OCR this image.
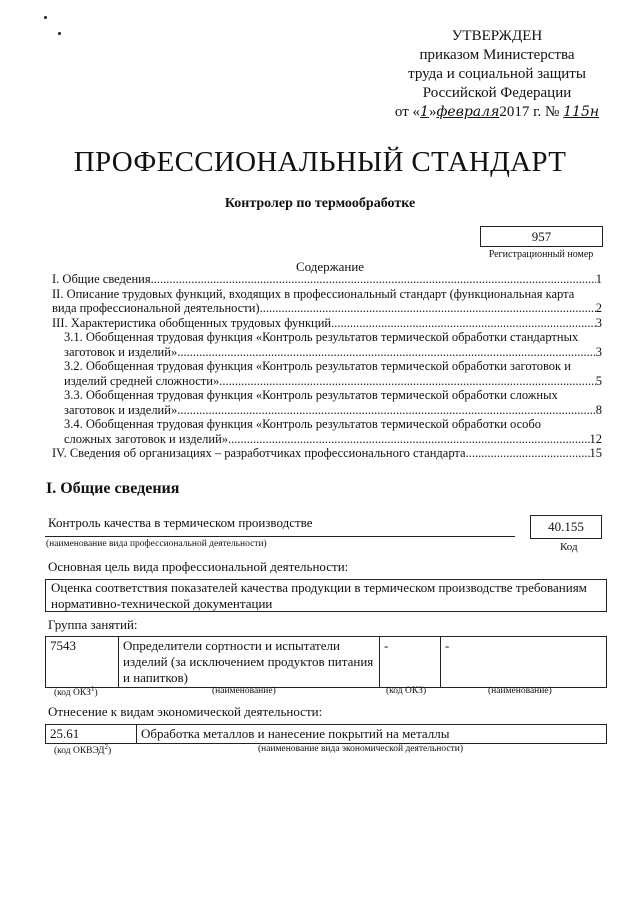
УТВЕРЖДЕН
приказом Министерства
труда и социальной защиты
Российской Федерации
от «1»февраля2017 г. № 115н
ПРОФЕССИОНАЛЬНЫЙ СТАНДАРТ
Контролер по термообработке
957
Регистрационный номер
Содержание
I. Общие сведения .....	1
II. Описание трудовых функций, входящих в профессиональный стандарт (функциональная карта
вида профессиональной деятельности) .....	2
III. Характеристика обобщенных трудовых функций .....	3
3.1. Обобщенная трудовая функция «Контроль результатов термической обработки стандартных
заготовок и изделий» .....	3
3.2. Обобщенная трудовая функция «Контроль результатов термической обработки заготовок и
изделий средней сложности» .....	5
3.3. Обобщенная трудовая функция «Контроль результатов термической обработки сложных
заготовок и изделий» .....	8
3.4. Обобщенная трудовая функция «Контроль результатов термической обработки особо
сложных заготовок и изделий» .....	12
IV. Сведения об организациях – разработчиках профессионального стандарта .....	15
I. Общие сведения
Контроль качества в термическом производстве
(наименование вида профессиональной деятельности)
40.155
Код
Основная цель вида профессиональной деятельности:
Оценка соответствия показателей качества продукции в термическом производстве требованиям нормативно-технической документации
Группа занятий:
7543	Определители сортности и испытатели изделий (за исключением продуктов питания и напитков)	-	-
(код ОКЗ$^1$)	(наименование)	(код ОКЗ)	(наименование)
Отнесение к видам экономической деятельности:
25.61	Обработка металлов и нанесение покрытий на металлы
(код ОКВЭД$^2$)	(наименование вида экономической деятельности)
